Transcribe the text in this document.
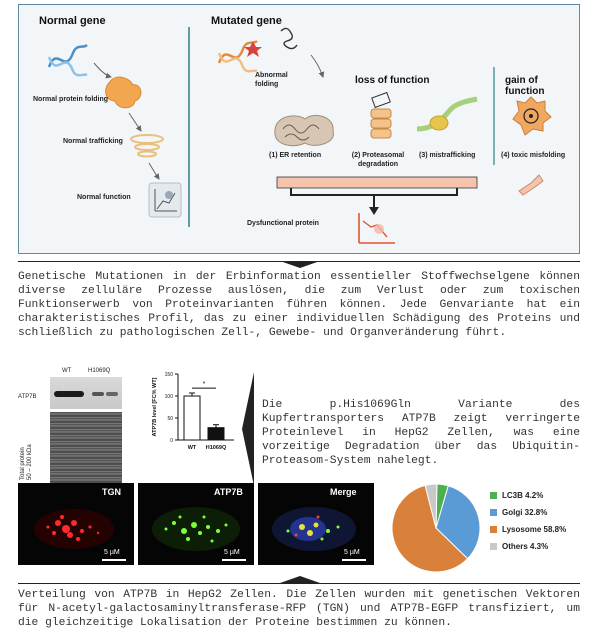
Normal gene	Mutated gene
Normal protein folding
Normal trafficking
Normal function
Abnormal folding	loss of function	gain of function
(1) ER retention	(2) Proteasomal degradation
(3) mistrafficking	(4) toxic misfolding
Dysfunctional protein
Genetische Mutationen in der Erbinformation essentieller Stoffwechselgene können diverse zelluläre Prozesse auslösen, die zum Verlust oder zum toxischen Funktionserwerb von Proteinvarianten führen können. Jede Genvariante hat ein charakteristisches Profil, das zu einer individuellen Schädigung des Proteins und schließlich zu pathologischen Zell-, Gewebe- und Organveränderung führt.
WT	H1069Q
ATP7B
Total protein 50 – 200 kDa
0
50
100
150
WT H1069Q
*
ATP7B level [FC% WT]	Die p.His1069Gln Variante des Kupfertransporters ATP7B zeigt verringerte Proteinlevel in HepG2 Zellen, was eine vorzeitige Degradation über das Ubiquitin-Proteasom-System nahelegt.
TGN
5 µM
ATP7B
5 µM
Merge
5 µM
LC3B 4.2%
Golgi 32.8%
Lysosome 58.8%
Others 4.3%
Verteilung von ATP7B in HepG2 Zellen. Die Zellen wurden mit genetischen Vektoren für N-acetyl-galactosaminyltransferase-RFP (TGN) und ATP7B-EGFP transfiziert, um die gleichzeitige Lokalisation der Proteine bestimmen zu können.
